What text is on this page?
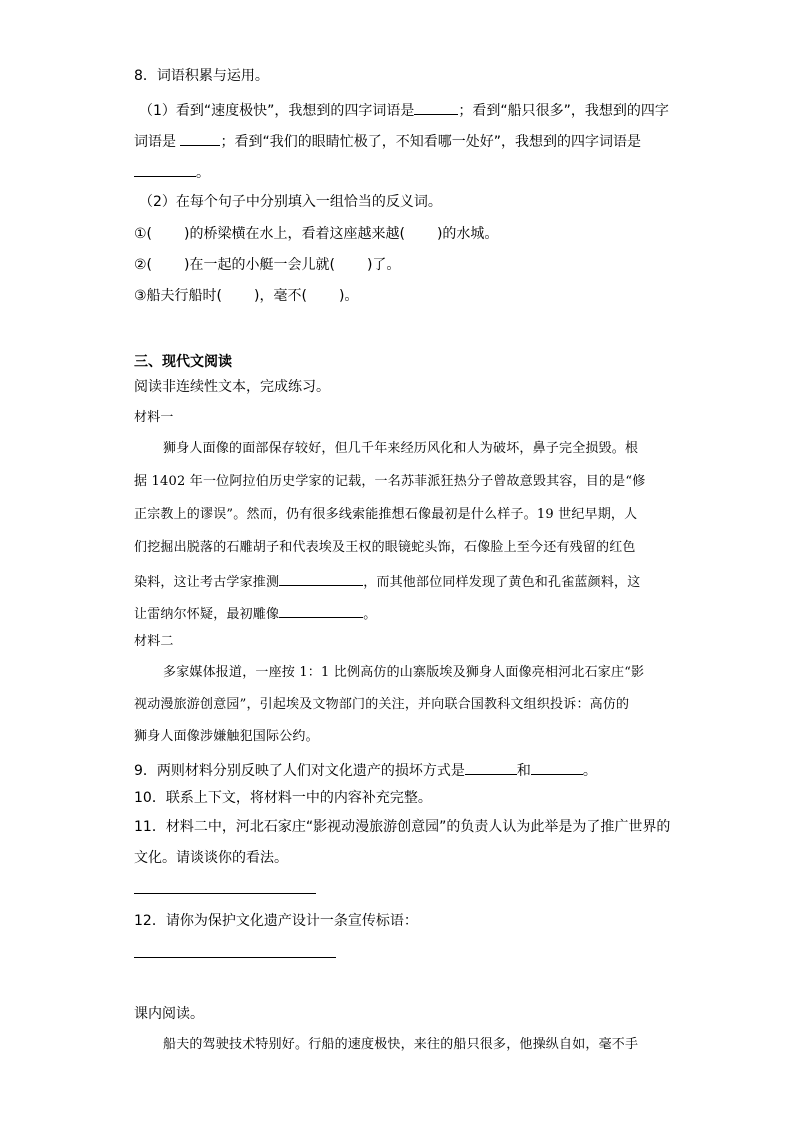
8．词语积累与运用。
（1）看到“速度极快”，我想到的四字词语是	；看到“船只很多”，我想到的四字
词语是	；看到“我们的眼睛忙极了，不知看哪一处好”，我想到的四字词语是
。
（2）在每个句子中分别填入一组恰当的反义词。
①( )的桥梁横在水上，看着这座越来越( )的水城。
②( )在一起的小艇一会儿就( )了。
③船夫行船时( )，毫不( )。
三、现代文阅读
阅读非连续性文本，完成练习。
材料一
狮身人面像的面部保存较好，但几千年来经历风化和人为破坏，鼻子完全损毁。根
据 1402 年一位阿拉伯历史学家的记载，一名苏菲派狂热分子曾故意毁其容，目的是“修
正宗教上的谬误”。然而，仍有很多线索能推想石像最初是什么样子。19 世纪早期，人
们挖掘出脱落的石雕胡子和代表埃及王权的眼镜蛇头饰，石像脸上至今还有残留的红色
染料，这让考古学家推测	，而其他部位同样发现了黄色和孔雀蓝颜料，这
让雷纳尔怀疑，最初雕像	。
材料二
多家媒体报道，一座按 1：1 比例高仿的山寨版埃及狮身人面像亮相河北石家庄“影
视动漫旅游创意园”，引起埃及文物部门的关注，并向联合国教科文组织投诉：高仿的
狮身人面像涉嫌触犯国际公约。
9．两则材料分别反映了人们对文化遗产的损坏方式是	和	。
10．联系上下文，将材料一中的内容补充完整。
11．材料二中，河北石家庄“影视动漫旅游创意园”的负责人认为此举是为了推广世界的
文化。请谈谈你的看法。
12．请你为保护文化遗产设计一条宣传标语：
课内阅读。
船夫的驾驶技术特别好。行船的速度极快，来往的船只很多，他操纵自如，毫不手
